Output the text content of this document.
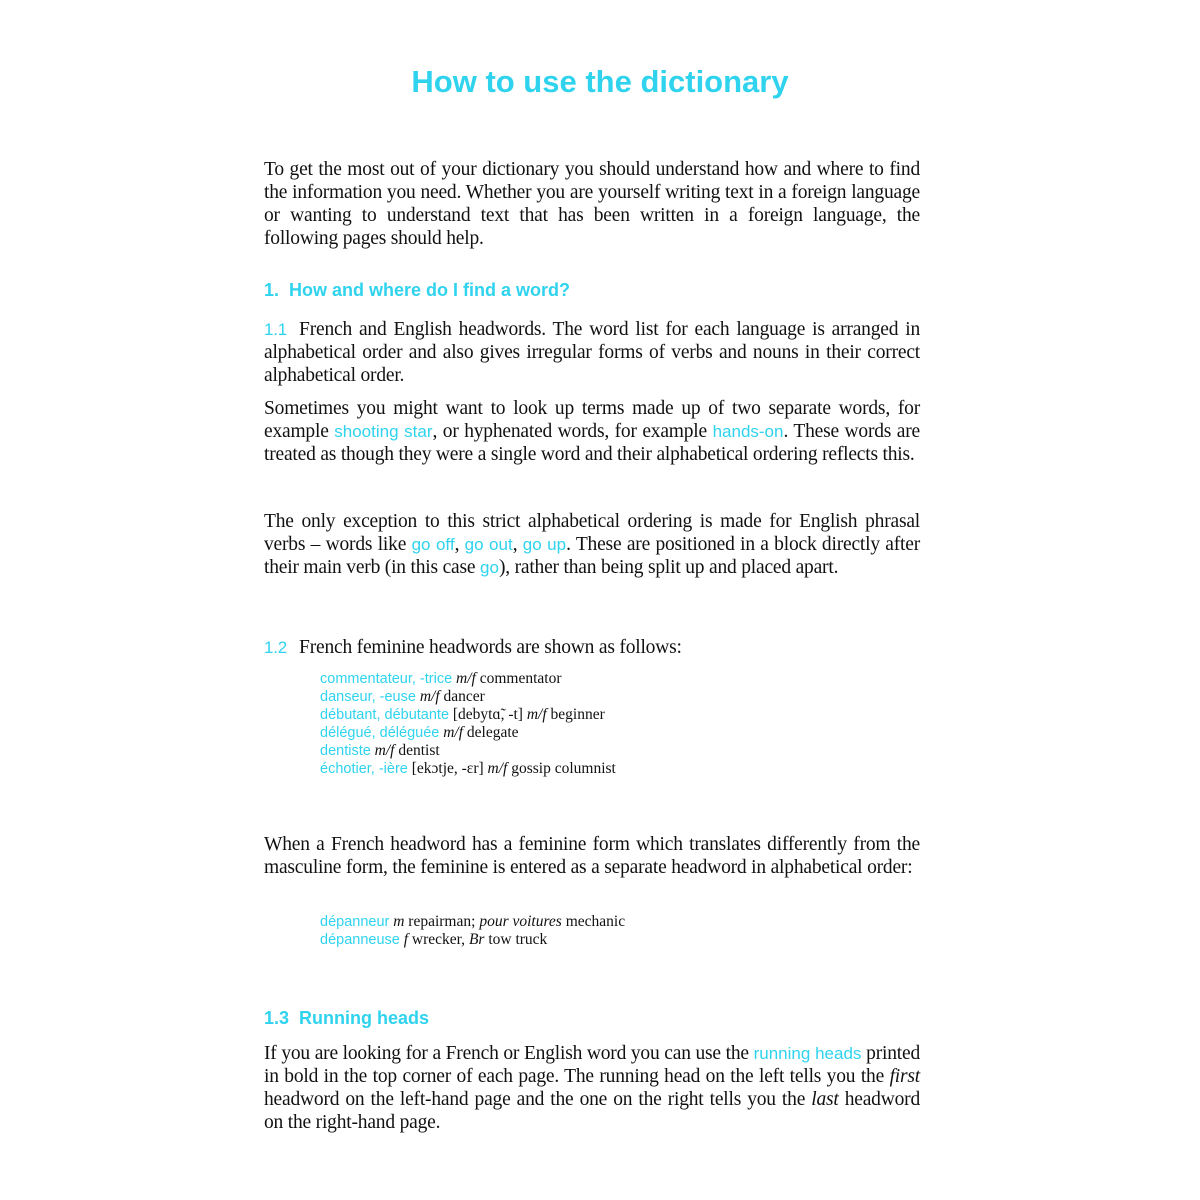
How to use the dictionary

To get the most out of your dictionary you should understand how and where to find the information you need. Whether you are yourself writing text in a foreign language or wanting to understand text that has been written in a foreign language, the following pages should help.

1. How and where do I find a word?

1.1 French and English headwords. The word list for each language is arranged in alphabetical order and also gives irregular forms of verbs and nouns in their correct alphabetical order.

Sometimes you might want to look up terms made up of two separate words, for example shooting star, or hyphenated words, for example hands-on. These words are treated as though they were a single word and their alphabetical ordering reflects this.

The only exception to this strict alphabetical ordering is made for English phrasal verbs – words like go off, go out, go up. These are positioned in a block directly after their main verb (in this case go), rather than being split up and placed apart.

1.2 French feminine headwords are shown as follows:

commentateur, -trice m/f commentator

danseur, -euse m/f dancer

débutant, débutante [debytɑ̃, -t] m/f beginner

délégué, déléguée m/f delegate

dentiste m/f dentist

échotier, -ière [ekɔtje, -ɛr] m/f gossip columnist

When a French headword has a feminine form which translates differently from the masculine form, the feminine is entered as a separate headword in alphabetical order:

dépanneur m repairman; pour voitures mechanic

dépanneuse f wrecker, Br tow truck

1.3 Running heads

If you are looking for a French or English word you can use the running heads printed in bold in the top corner of each page. The running head on the left tells you the first headword on the left-hand page and the one on the right tells you the last headword on the right-hand page.
